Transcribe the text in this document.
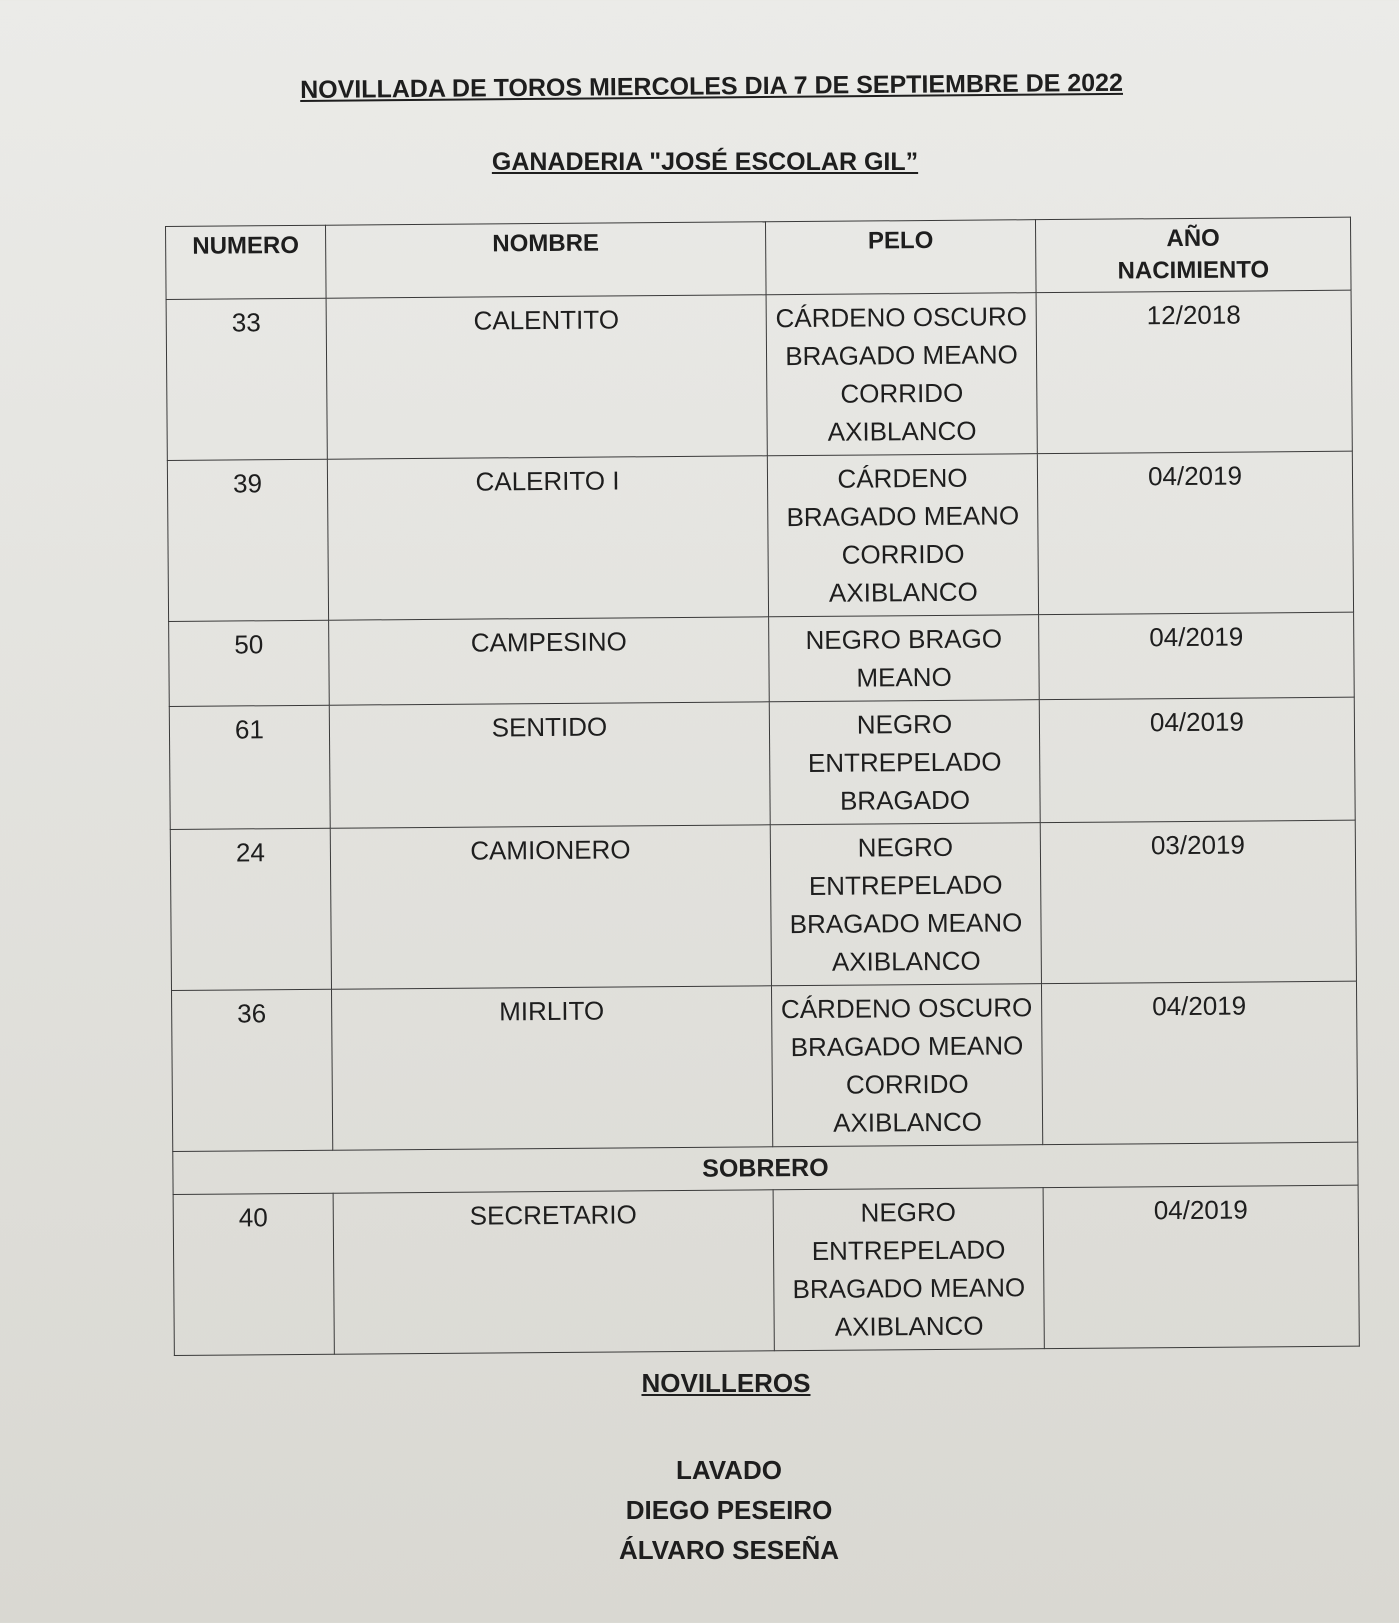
NOVILLADA DE TOROS MIERCOLES DIA 7 DE SEPTIEMBRE DE 2022
GANADERIA "JOSÉ ESCOLAR GIL”
NUMERO	NOMBRE	PELO	AÑO
NACIMIENTO

33	CALENTITO	CÁRDENO OSCURO
BRAGADO MEANO
CORRIDO
AXIBLANCO	12/2018
39	CALERITO I	CÁRDENO
BRAGADO MEANO
CORRIDO
AXIBLANCO	04/2019
50	CAMPESINO	NEGRO BRAGO
MEANO	04/2019
61	SENTIDO	NEGRO
ENTREPELADO
BRAGADO	04/2019
24	CAMIONERO	NEGRO
ENTREPELADO
BRAGADO MEANO
AXIBLANCO	03/2019
36	MIRLITO	CÁRDENO OSCURO
BRAGADO MEANO
CORRIDO
AXIBLANCO	04/2019
SOBRERO			
40	SECRETARIO	NEGRO
ENTREPELADO
BRAGADO MEANO
AXIBLANCO	04/2019
NOVILLEROS
LAVADO
DIEGO PESEIRO
ÁLVARO SESEÑA
